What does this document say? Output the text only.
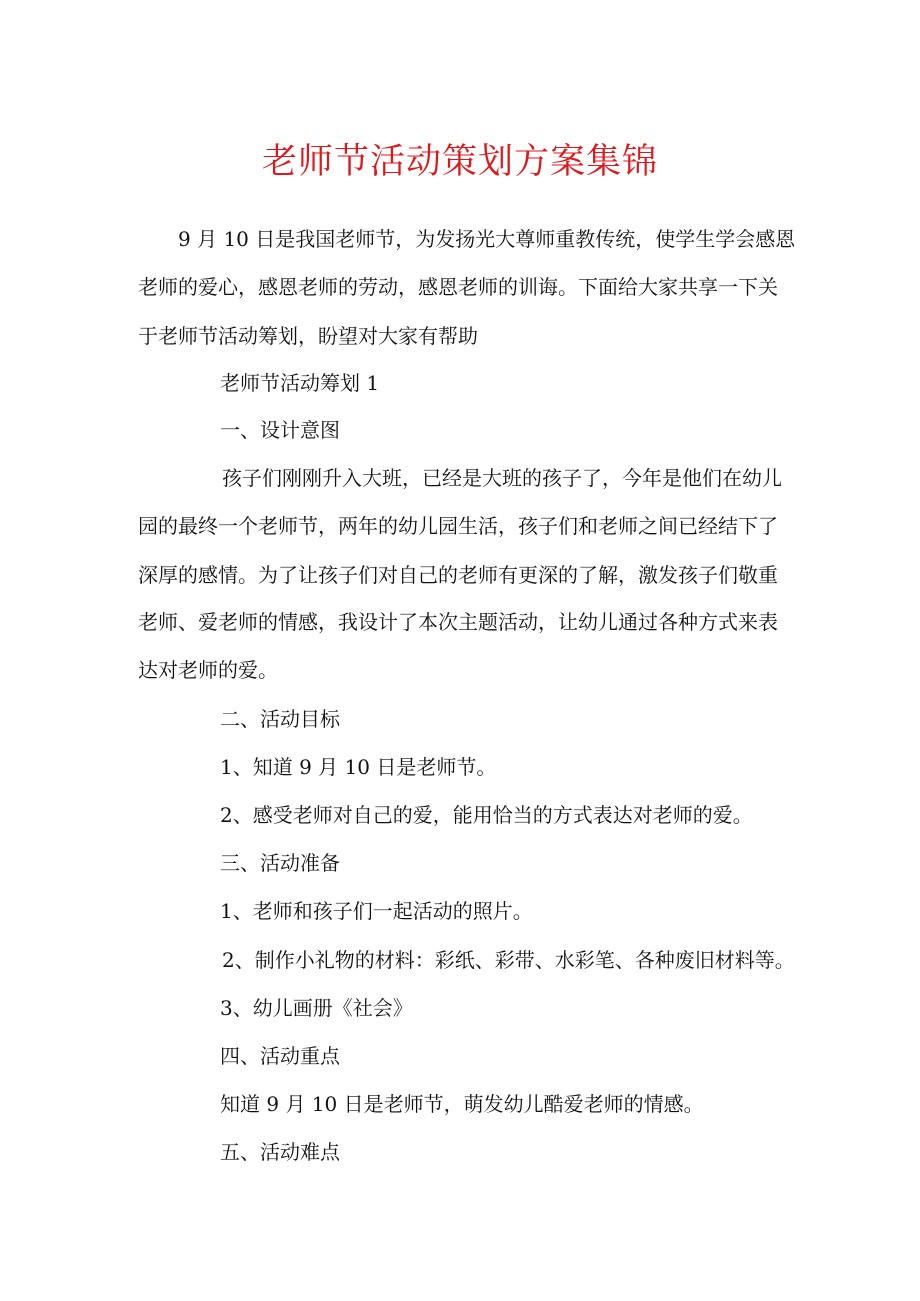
老师节活动策划方案集锦
9 月 10 日是我国老师节，为发扬光大尊师重教传统，使学生学会感恩
老师的爱心，感恩老师的劳动，感恩老师的训诲。下面给大家共享一下关
于老师节活动筹划，盼望对大家有帮助
老师节活动筹划 1
一、设计意图
孩子们刚刚升入大班，已经是大班的孩子了，今年是他们在幼儿
园的最终一个老师节，两年的幼儿园生活，孩子们和老师之间已经结下了
深厚的感情。为了让孩子们对自己的老师有更深的了解，激发孩子们敬重
老师、爱老师的情感，我设计了本次主题活动，让幼儿通过各种方式来表
达对老师的爱。
二、活动目标
1、知道 9 月 10 日是老师节。
2、感受老师对自己的爱，能用恰当的方式表达对老师的爱。
三、活动准备
1、老师和孩子们一起活动的照片。
2、制作小礼物的材料：彩纸、彩带、水彩笔、各种废旧材料等。
3、幼儿画册《社会》
四、活动重点
知道 9 月 10 日是老师节，萌发幼儿酷爱老师的情感。
五、活动难点
